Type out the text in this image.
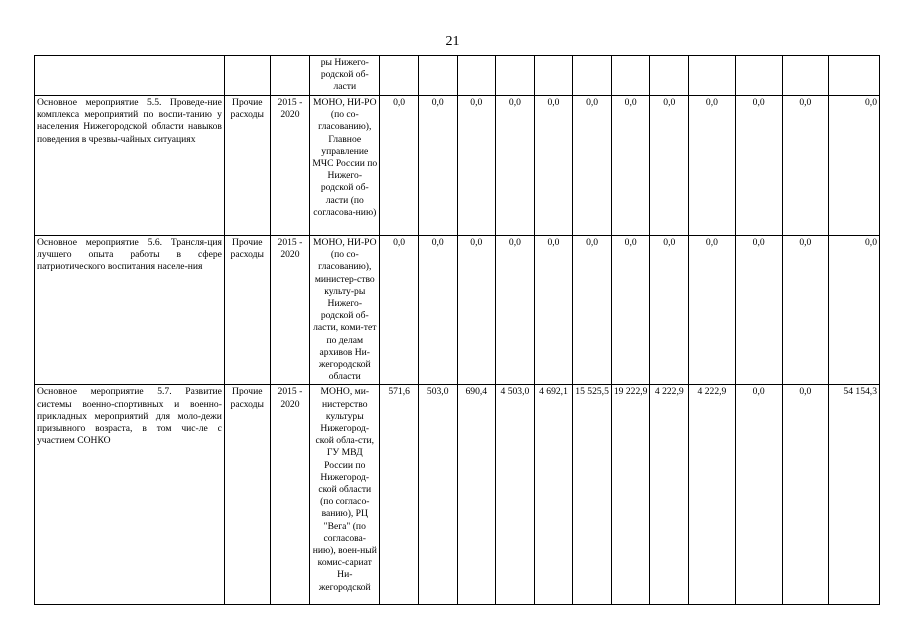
21
			ры Нижего-родской об-ласти												
Основное мероприятие 5.5. Проведе-ние комплекса мероприятий по воспи-танию у населения Нижегородской области навыков поведения в чрезвы-чайных ситуациях	Прочие расходы	2015 - 2020	МОНО, НИ-РО (по со-гласованию), Главное управление МЧС России по Нижего-родской об-ласти (по согласова-нию)	0,0	0,0	0,0	0,0	0,0	0,0	0,0	0,0	0,0	0,0	0,0	0,0
Основное мероприятие 5.6. Трансля-ция лучшего опыта работы в сфере патриотического воспитания населе-ния	Прочие расходы	2015 - 2020	МОНО, НИ-РО (по со-гласованию), министер-ство культу-ры Нижего-родской об-ласти, коми-тет по делам архивов Ни-жегородской области	0,0	0,0	0,0	0,0	0,0	0,0	0,0	0,0	0,0	0,0	0,0	0,0
Основное мероприятие 5.7. Развитие системы военно-спортивных и военно-прикладных мероприятий для моло-дежи призывного возраста, в том чис-ле с участием СОНКО	Прочие расходы	2015 - 2020	МОНО, ми-нистерство культуры Нижегород-ской обла-сти, ГУ МВД России по Нижегород-ской области (по согласо-ванию), РЦ "Вега" (по согласова-нию), воен-ный комис-сариат Ни-жегородской	571,6	503,0	690,4	4 503,0	4 692,1	15 525,5	19 222,9	4 222,9	4 222,9	0,0	0,0	54 154,3
